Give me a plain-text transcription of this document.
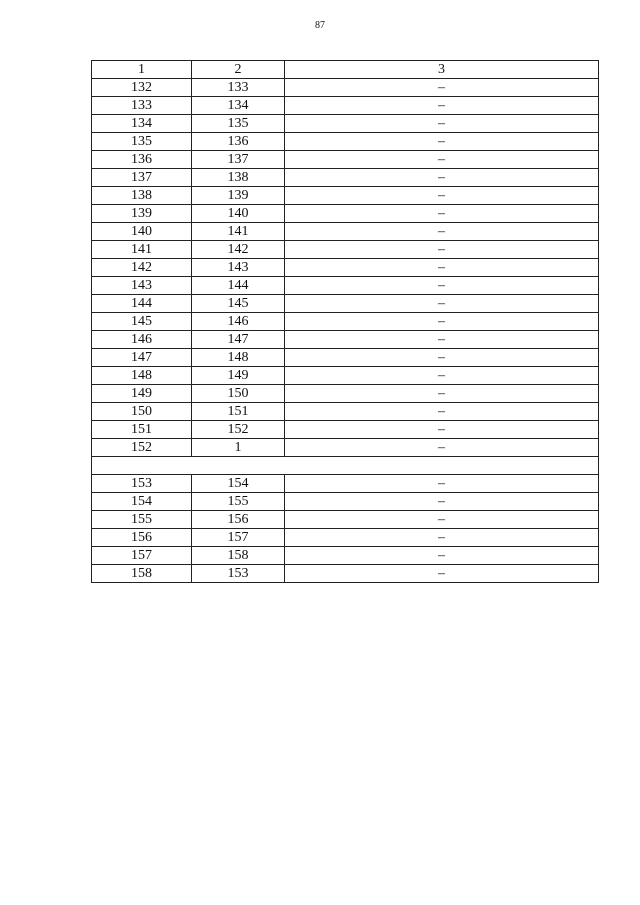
87
1	2	3
132	133	–
133	134	–
134	135	–
135	136	–
136	137	–
137	138	–
138	139	–
139	140	–
140	141	–
141	142	–
142	143	–
143	144	–
144	145	–
145	146	–
146	147	–
147	148	–
148	149	–
149	150	–
150	151	–
151	152	–
152	1	–

153	154	–
154	155	–
155	156	–
156	157	–
157	158	–
158	153	–
